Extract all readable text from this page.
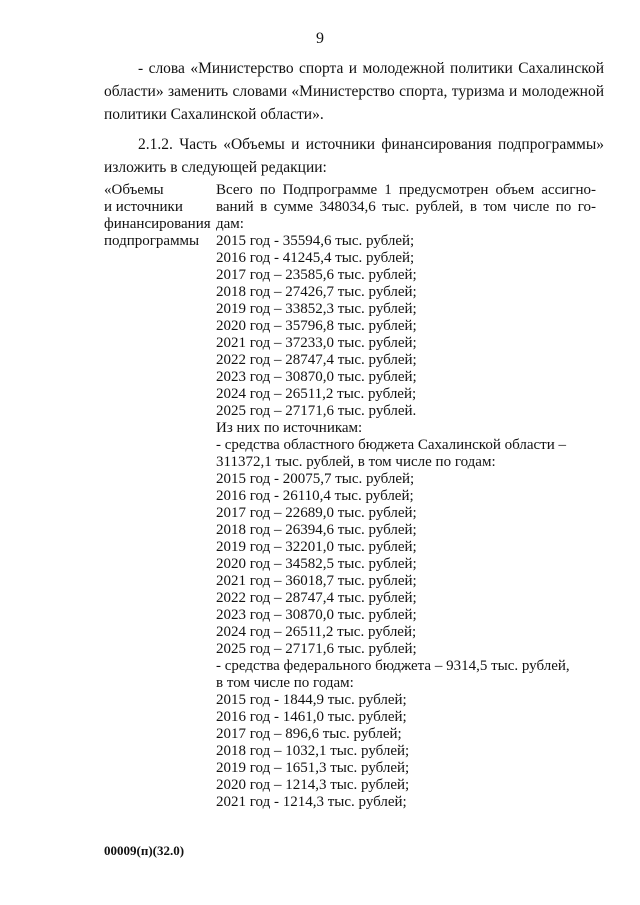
9
- слова «Министерство спорта и молодежной политики Сахалинской области» заменить словами «Министерство спорта, туризма и молодежной политики Сахалинской области».
2.1.2. Часть «Объемы и источники финансирования подпрограммы» изложить в следующей редакции:
«Объемы
и источники
финансирования
подпрограммы
Всего по Подпрограмме 1 предусмотрен объем ассигно-ваний в сумме 348034,6 тыс. рублей, в том числе по го-дам:
2015 год - 35594,6 тыс. рублей;
2016 год - 41245,4 тыс. рублей;
2017 год – 23585,6 тыс. рублей;
2018 год – 27426,7 тыс. рублей;
2019 год – 33852,3 тыс. рублей;
2020 год – 35796,8 тыс. рублей;
2021 год – 37233,0 тыс. рублей;
2022 год – 28747,4 тыс. рублей;
2023 год – 30870,0 тыс. рублей;
2024 год – 26511,2 тыс. рублей;
2025 год – 27171,6 тыс. рублей.
Из них по источникам:
- средства областного бюджета Сахалинской области –
311372,1 тыс. рублей, в том числе по годам:
2015 год - 20075,7 тыс. рублей;
2016 год - 26110,4 тыс. рублей;
2017 год – 22689,0 тыс. рублей;
2018 год – 26394,6 тыс. рублей;
2019 год – 32201,0 тыс. рублей;
2020 год – 34582,5 тыс. рублей;
2021 год – 36018,7 тыс. рублей;
2022 год – 28747,4 тыс. рублей;
2023 год – 30870,0 тыс. рублей;
2024 год – 26511,2 тыс. рублей;
2025 год – 27171,6 тыс. рублей;
- средства федерального бюджета – 9314,5 тыс. рублей,
в том числе по годам:
2015 год - 1844,9 тыс. рублей;
2016 год - 1461,0 тыс. рублей;
2017 год – 896,6 тыс. рублей;
2018 год – 1032,1 тыс. рублей;
2019 год – 1651,3 тыс. рублей;
2020 год – 1214,3 тыс. рублей;
2021 год - 1214,3 тыс. рублей;
00009(п)(32.0)
